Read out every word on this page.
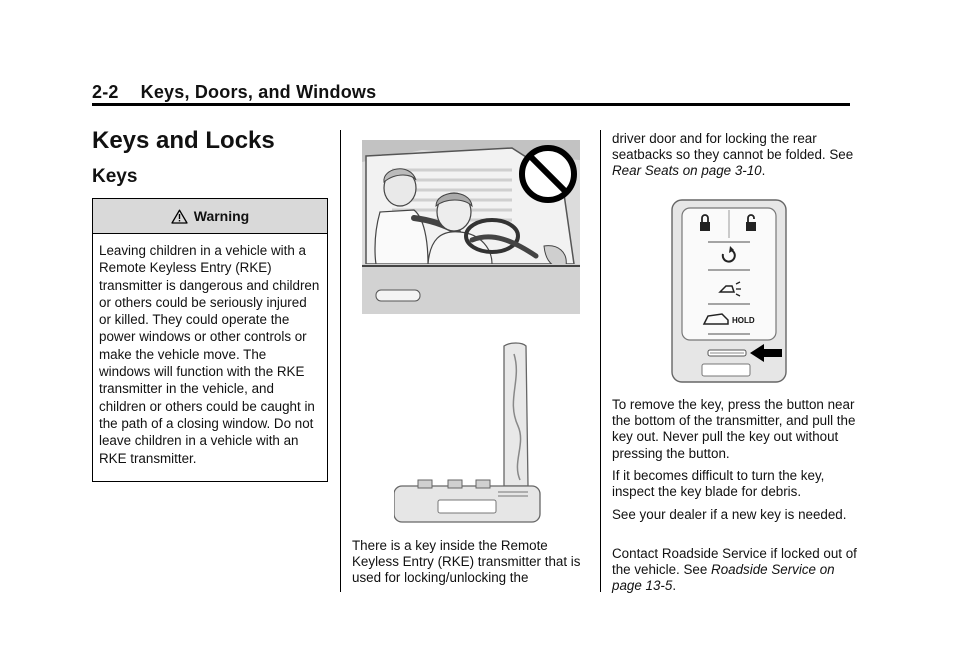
2-2 Keys, Doors, and Windows
Keys and Locks
Keys
Warning
Leaving children in a vehicle with a Remote Keyless Entry (RKE) transmitter is dangerous and children or others could be seriously injured or killed. They could operate the power windows or other controls or make the vehicle move. The windows will function with the RKE transmitter in the vehicle, and children or others could be caught in the path of a closing window. Do not leave children in a vehicle with an RKE transmitter.
There is a key inside the Remote Keyless Entry (RKE) transmitter that is used for locking/unlocking the
driver door and for locking the rear seatbacks so they cannot be folded. See Rear Seats on page 3-10.
HOLD
To remove the key, press the button near the bottom of the transmitter, and pull the key out. Never pull the key out without pressing the button.
If it becomes difficult to turn the key, inspect the key blade for debris.
See your dealer if a new key is needed.
Contact Roadside Service if locked out of the vehicle. See Roadside Service on page 13-5.
